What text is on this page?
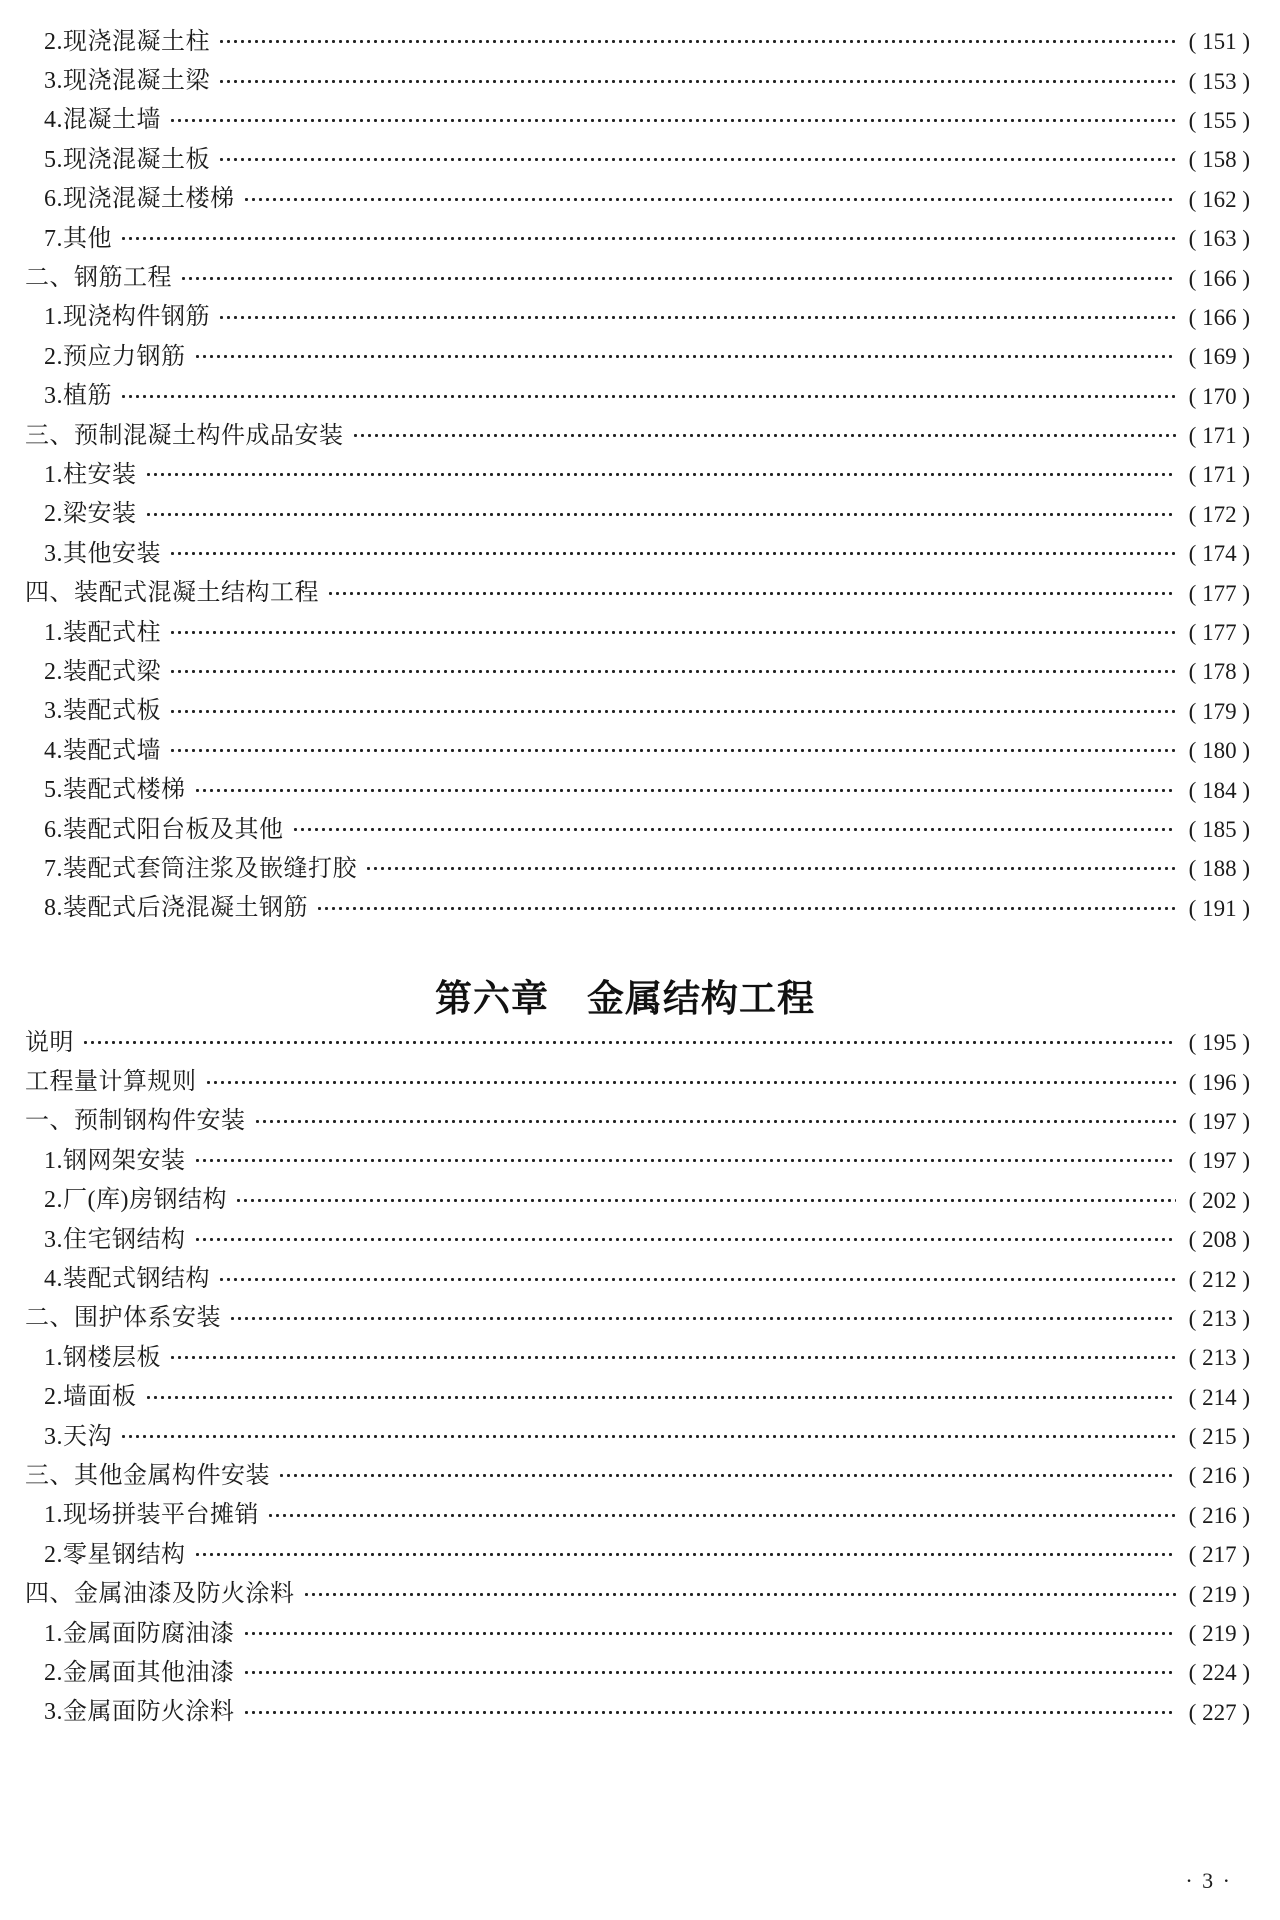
2.现浇混凝土柱	( 151 )
3.现浇混凝土梁	( 153 )
4.混凝土墙	( 155 )
5.现浇混凝土板	( 158 )
6.现浇混凝土楼梯	( 162 )
7.其他	( 163 )
二、钢筋工程	( 166 )
1.现浇构件钢筋	( 166 )
2.预应力钢筋	( 169 )
3.植筋	( 170 )
三、预制混凝土构件成品安装	( 171 )
1.柱安装	( 171 )
2.梁安装	( 172 )
3.其他安装	( 174 )
四、装配式混凝土结构工程	( 177 )
1.装配式柱	( 177 )
2.装配式梁	( 178 )
3.装配式板	( 179 )
4.装配式墙	( 180 )
5.装配式楼梯	( 184 )
6.装配式阳台板及其他	( 185 )
7.装配式套筒注浆及嵌缝打胶	( 188 )
8.装配式后浇混凝土钢筋	( 191 )
第六章　金属结构工程
说明	( 195 )
工程量计算规则	( 196 )
一、预制钢构件安装	( 197 )
1.钢网架安装	( 197 )
2.厂(库)房钢结构	( 202 )
3.住宅钢结构	( 208 )
4.装配式钢结构	( 212 )
二、围护体系安装	( 213 )
1.钢楼层板	( 213 )
2.墙面板	( 214 )
3.天沟	( 215 )
三、其他金属构件安装	( 216 )
1.现场拼装平台摊销	( 216 )
2.零星钢结构	( 217 )
四、金属油漆及防火涂料	( 219 )
1.金属面防腐油漆	( 219 )
2.金属面其他油漆	( 224 )
3.金属面防火涂料	( 227 )
· 3 ·
